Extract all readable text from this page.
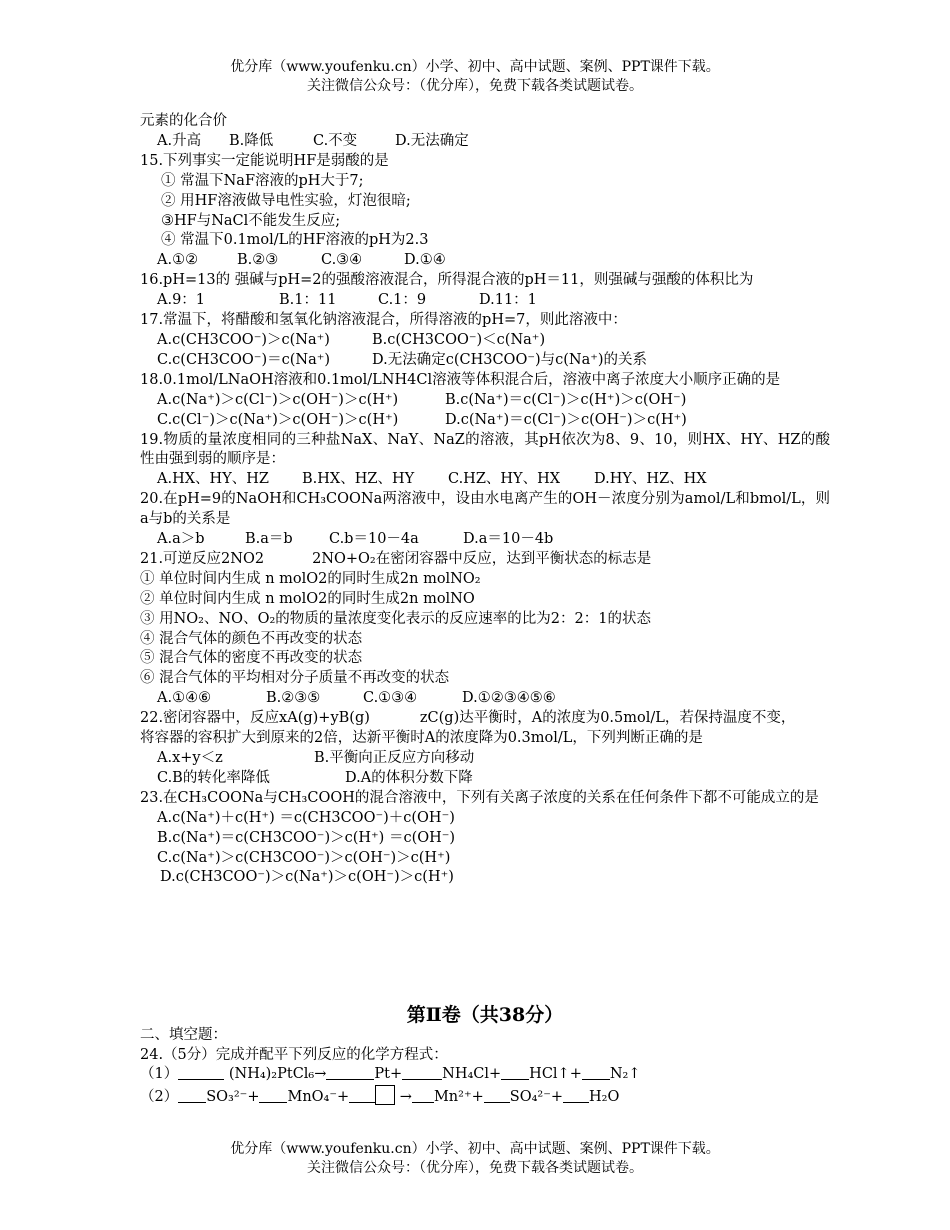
优分库（www.youfenku.cn）小学、初中、高中试题、案例、PPT课件下载。
关注微信公众号：（优分库），免费下载各类试题试卷。

元素的化合价

A.升高 B.降低	C.不变	D.无法确定

15.下列事实一定能说明HF是弱酸的是

① 常温下NaF溶液的pH大于7;

② 用HF溶液做导电性实验，灯泡很暗;

③HF与NaCl不能发生反应;

④ 常温下0.1mol/L的HF溶液的pH为2.3

A.①②	B.②③	C.③④	D.①④

16.pH=13的 强碱与pH=2的强酸溶液混合，所得混合液的pH＝11，则强碱与强酸的体积比为

A.9：1	B.1：11	C.1：9	D.11：1

17.常温下，将醋酸和氢氧化钠溶液混合，所得溶液的pH=7，则此溶液中：

A.c(CH3COO⁻)＞c(Na⁺)	B.c(CH3COO⁻)＜c(Na⁺)

C.c(CH3COO⁻)＝c(Na⁺)	D.无法确定c(CH3COO⁻)与c(Na⁺)的关系

18.0.1mol/LNaOH溶液和0.1mol/LNH4Cl溶液等体积混合后，溶液中离子浓度大小顺序正确的是

A.c(Na⁺)＞c(Cl⁻)＞c(OH⁻)＞c(H⁺)	B.c(Na⁺)＝c(Cl⁻)＞c(H⁺)＞c(OH⁻)

C.c(Cl⁻)＞c(Na⁺)＞c(OH⁻)＞c(H⁺)	D.c(Na⁺)＝c(Cl⁻)＞c(OH⁻)＞c(H⁺)

19.物质的量浓度相同的三种盐NaX、NaY、NaZ的溶液，其pH依次为8、9、10，则HX、HY、HZ的酸性由强到弱的顺序是：

A.HX、HY、HZ B.HX、HZ、HY C.HZ、HY、HX D.HY、HZ、HX

20.在pH=9的NaOH和CH₃COONa两溶液中，设由水电离产生的OH－浓度分别为amol/L和bmol/L，则a与b的关系是

A.a＞b	B.a＝b	C.b＝10－4a	D.a＝10－4b

21.可逆反应2NO2	2NO+O₂在密闭容器中反应，达到平衡状态的标志是

① 单位时间内生成 n molO2的同时生成2n molNO₂

② 单位时间内生成 n molO2的同时生成2n molNO

③ 用NO₂、NO、O₂的物质的量浓度变化表示的反应速率的比为2：2：1的状态

④ 混合气体的颜色不再改变的状态

⑤ 混合气体的密度不再改变的状态

⑥ 混合气体的平均相对分子质量不再改变的状态

A.①④⑥	B.②③⑤	C.①③④	D.①②③④⑤⑥

22.密闭容器中，反应xA(g)+yB(g)	zC(g)达平衡时，A的浓度为0.5mol/L，若保持温度不变，

将容器的容积扩大到原来的2倍，达新平衡时A的浓度降为0.3mol/L，下列判断正确的是

A.x+y＜z	B.平衡向正反应方向移动

C.B的转化率降低	D.A的体积分数下降

23.在CH₃COONa与CH₃COOH的混合溶液中，下列有关离子浓度的关系在任何条件下都不可能成立的是

A.c(Na⁺)＋c(H⁺) ＝c(CH3COO⁻)＋c(OH⁻)

B.c(Na⁺)＝c(CH3COO⁻)＞c(H⁺) ＝c(OH⁻)

C.c(Na⁺)＞c(CH3COO⁻)＞c(OH⁻)＞c(H⁺)

D.c(CH3COO⁻)＞c(Na⁺)＞c(OH⁻)＞c(H⁺)

第Ⅱ卷（共38分）

二、填空题：

24.（5分）完成并配平下列反应的化学方程式：

（1）	(NH₄)₂PtCl₆→	Pt+	NH₄Cl+ HCl↑+ N₂↑

（2） SO₃²⁻+ MnO₄⁻+	→ Mn²⁺+ SO₄²⁻+ H₂O

优分库（www.youfenku.cn）小学、初中、高中试题、案例、PPT课件下载。
关注微信公众号：（优分库），免费下载各类试题试卷。
